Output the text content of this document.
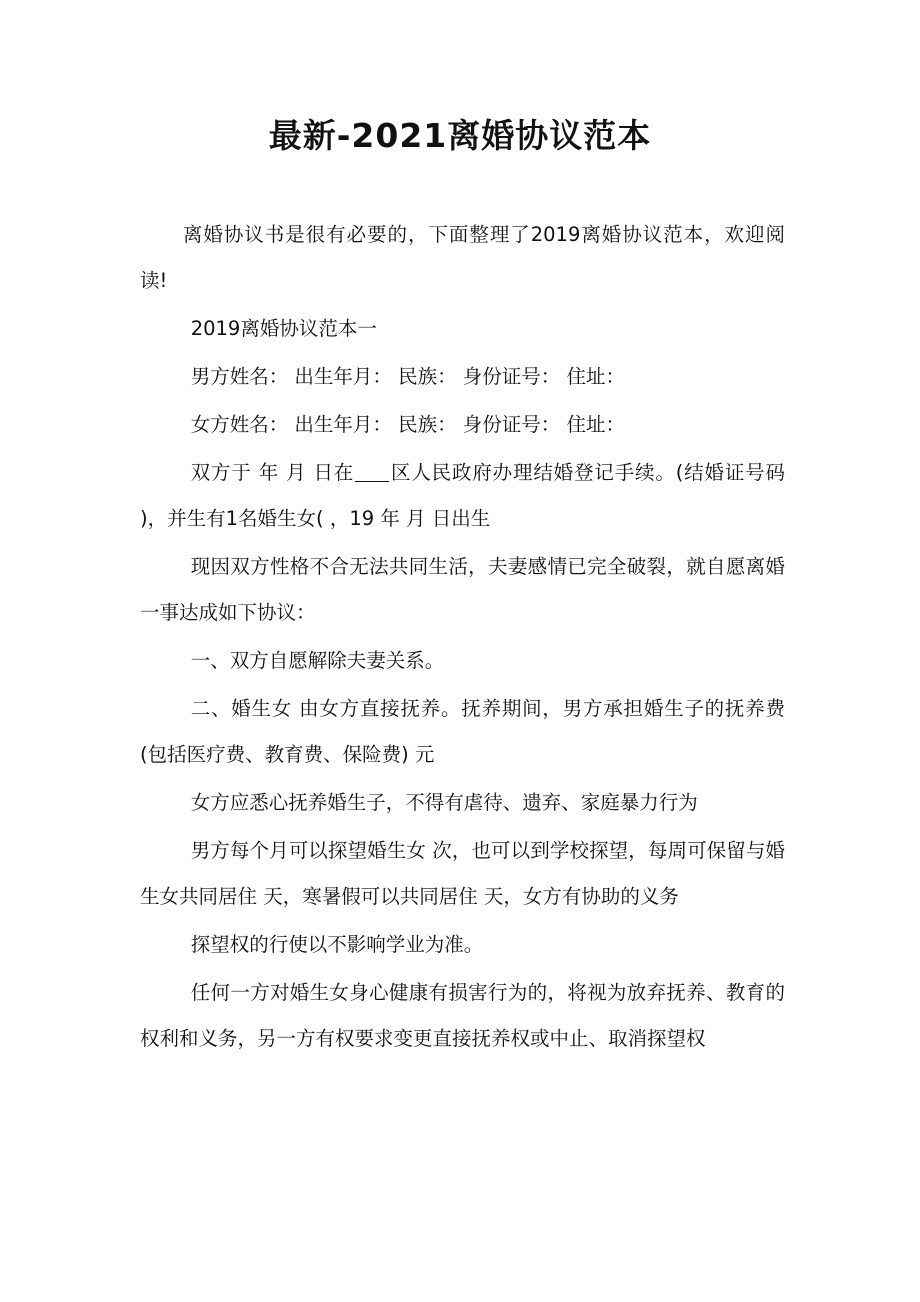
最新-2021离婚协议范本

离婚协议书是很有必要的，下面整理了2019离婚协议范本，欢迎阅读!

2019离婚协议范本一

男方姓名： 出生年月： 民族： 身份证号： 住址：

女方姓名： 出生年月： 民族： 身份证号： 住址：

双方于 年 月 日在 区人民政府办理结婚登记手续。(结婚证号码 )，并生有1名婚生女( ，19 年 月 日出生

现因双方性格不合无法共同生活，夫妻感情已完全破裂，就自愿离婚一事达成如下协议：

一、双方自愿解除夫妻关系。

二、婚生女 由女方直接抚养。抚养期间，男方承担婚生子的抚养费(包括医疗费、教育费、保险费) 元

女方应悉心抚养婚生子，不得有虐待、遗弃、家庭暴力行为

男方每个月可以探望婚生女 次，也可以到学校探望，每周可保留与婚生女共同居住 天，寒暑假可以共同居住 天，女方有协助的义务

探望权的行使以不影响学业为准。

任何一方对婚生女身心健康有损害行为的，将视为放弃抚养、教育的权利和义务，另一方有权要求变更直接抚养权或中止、取消探望权
